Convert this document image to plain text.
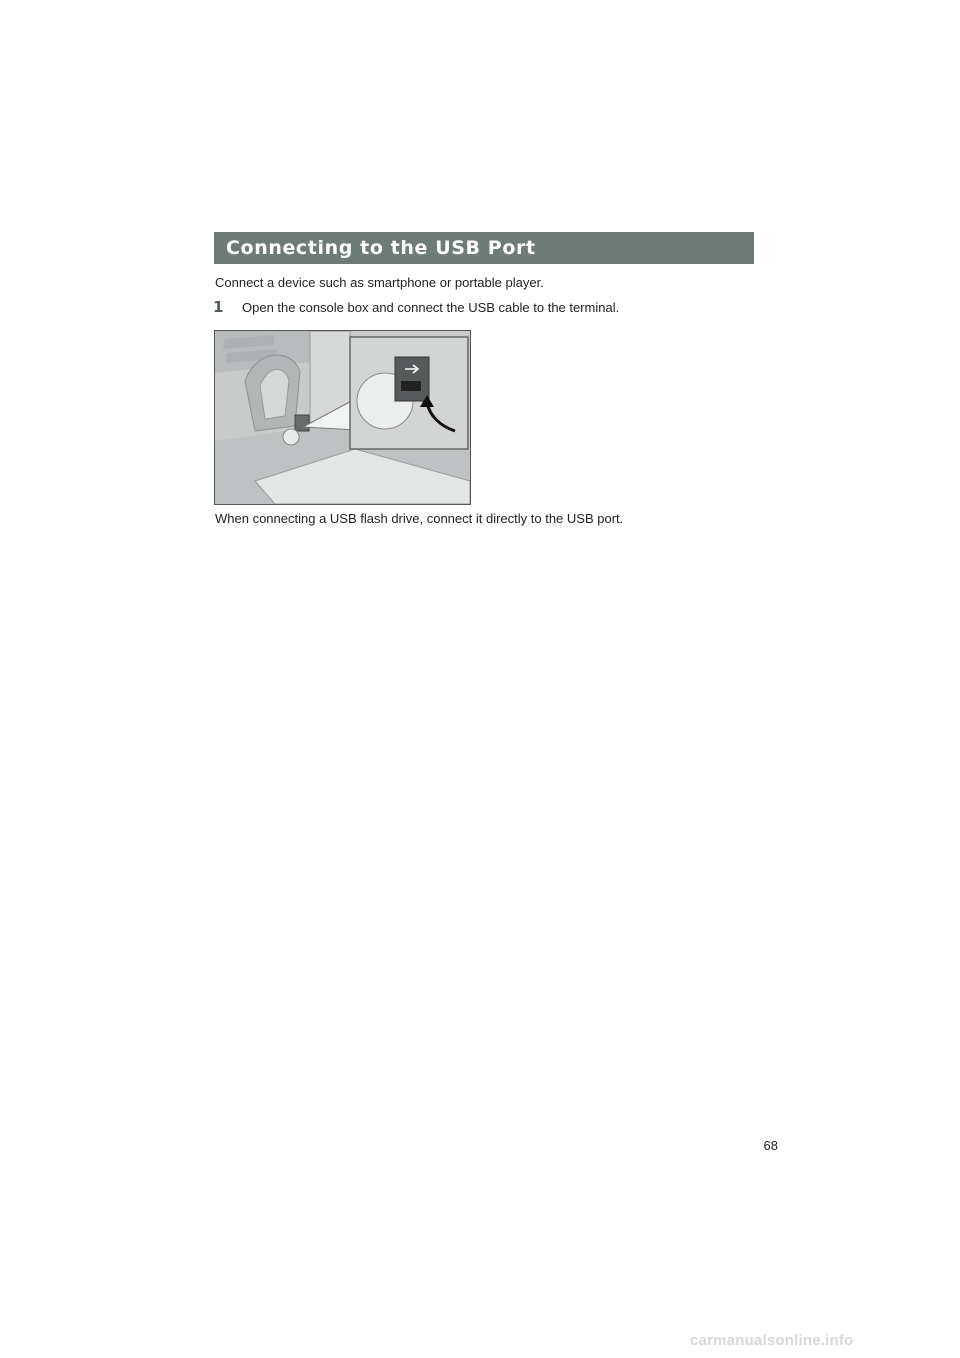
Connecting to the USB Port
Connect a device such as smartphone or portable player.
1	Open the console box and connect the USB cable to the terminal.
When connecting a USB flash drive, connect it directly to the USB port.
68
carmanualsonline.info
